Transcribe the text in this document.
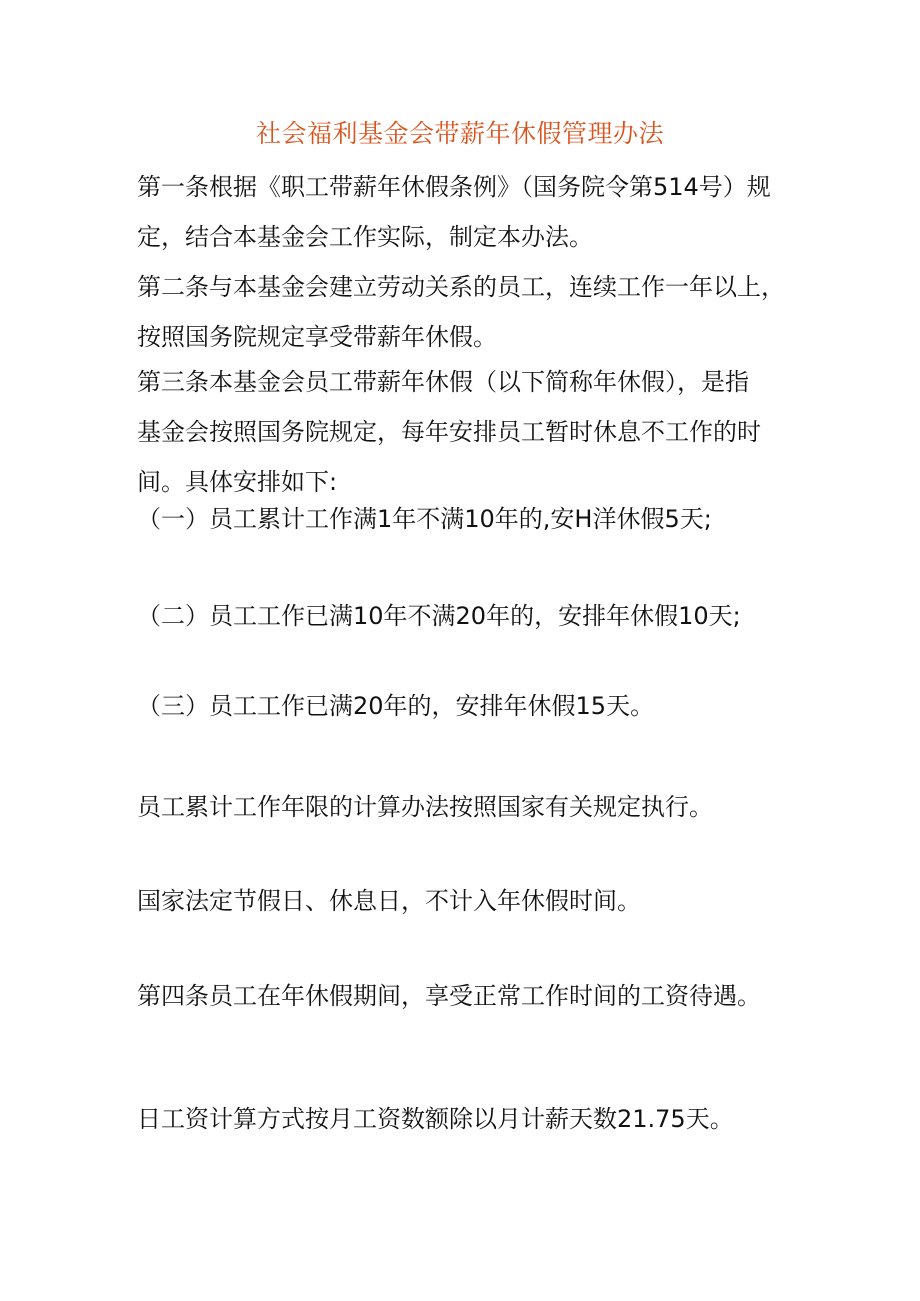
社会福利基金会带薪年休假管理办法
第一条根据《职工带薪年休假条例》（国务院令第514号）规
定，结合本基金会工作实际，制定本办法。
第二条与本基金会建立劳动关系的员工，连续工作一年以上，
按照国务院规定享受带薪年休假。
第三条本基金会员工带薪年休假（以下简称年休假），是指
基金会按照国务院规定，每年安排员工暂时休息不工作的时
间。具体安排如下:
（一）员工累计工作满1年不满10年的,安H洋休假5天;
（二）员工工作已满10年不满20年的，安排年休假10天;
（三）员工工作已满20年的，安排年休假15天。
员工累计工作年限的计算办法按照国家有关规定执行。
国家法定节假日、休息日，不计入年休假时间。
第四条员工在年休假期间，享受正常工作时间的工资待遇。
日工资计算方式按月工资数额除以月计薪天数21.75天。
